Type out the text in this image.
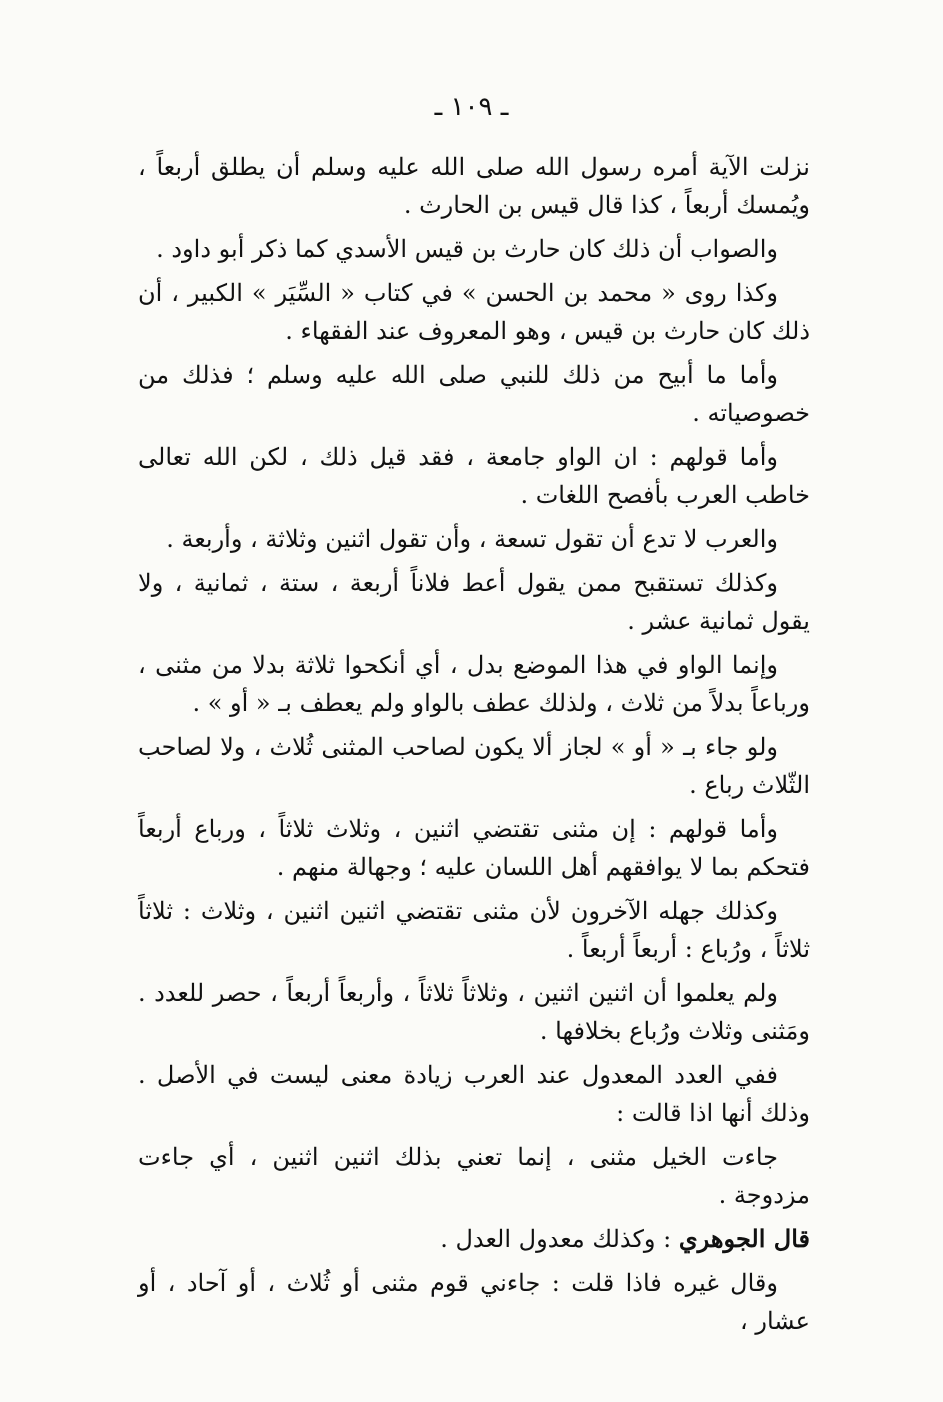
ـ ١٠٩ ـ

نزلت الآية أمره رسول الله صلى الله عليه وسلم أن يطلق أربعاً ، ويُمسك أربعاً ، كذا قال قيس بن الحارث .

والصواب أن ذلك كان حارث بن قيس الأسدي كما ذكر أبو داود .

وكذا روى « محمد بن الحسن » في كتاب « السِّيَر » الكبير ، أن ذلك كان حارث بن قيس ، وهو المعروف عند الفقهاء .

وأما ما أبيح من ذلك للنبي صلى الله عليه وسلم ؛ فذلك من خصوصياته .

وأما قولهم : ان الواو جامعة ، فقد قيل ذلك ، لكن الله تعالى خاطب العرب بأفصح اللغات .

والعرب لا تدع أن تقول تسعة ، وأن تقول اثنين وثلاثة ، وأربعة .

وكذلك تستقبح ممن يقول أعط فلاناً أربعة ، ستة ، ثمانية ، ولا يقول ثمانية عشر .

وإنما الواو في هذا الموضع بدل ، أي أنكحوا ثلاثة بدلا من مثنى ، ورباعاً بدلاً من ثلاث ، ولذلك عطف بالواو ولم يعطف بـ « أو » .

ولو جاء بـ « أو » لجاز ألا يكون لصاحب المثنى ثُلاث ، ولا لصاحب الثّلاث رباع .

وأما قولهم : إن مثنى تقتضي اثنين ، وثلاث ثلاثاً ، ورباع أربعاً فتحكم بما لا يوافقهم أهل اللسان عليه ؛ وجهالة منهم .

وكذلك جهله الآخرون لأن مثنى تقتضي اثنين اثنين ، وثلاث : ثلاثاً ثلاثاً ، ورُباع : أربعاً أربعاً .

ولم يعلموا أن اثنين اثنين ، وثلاثاً ثلاثاً ، وأربعاً أربعاً ، حصر للعدد . ومَثنى وثلاث ورُباع بخلافها .

ففي العدد المعدول عند العرب زيادة معنى ليست في الأصل . وذلك أنها اذا قالت :

جاءت الخيل مثنى ، إنما تعني بذلك اثنين اثنين ، أي جاءت مزدوجة .

قال الجوهري : وكذلك معدول العدل .

وقال غيره فاذا قلت : جاءني قوم مثنى أو ثُلاث ، أو آحاد ، أو عشار ،
